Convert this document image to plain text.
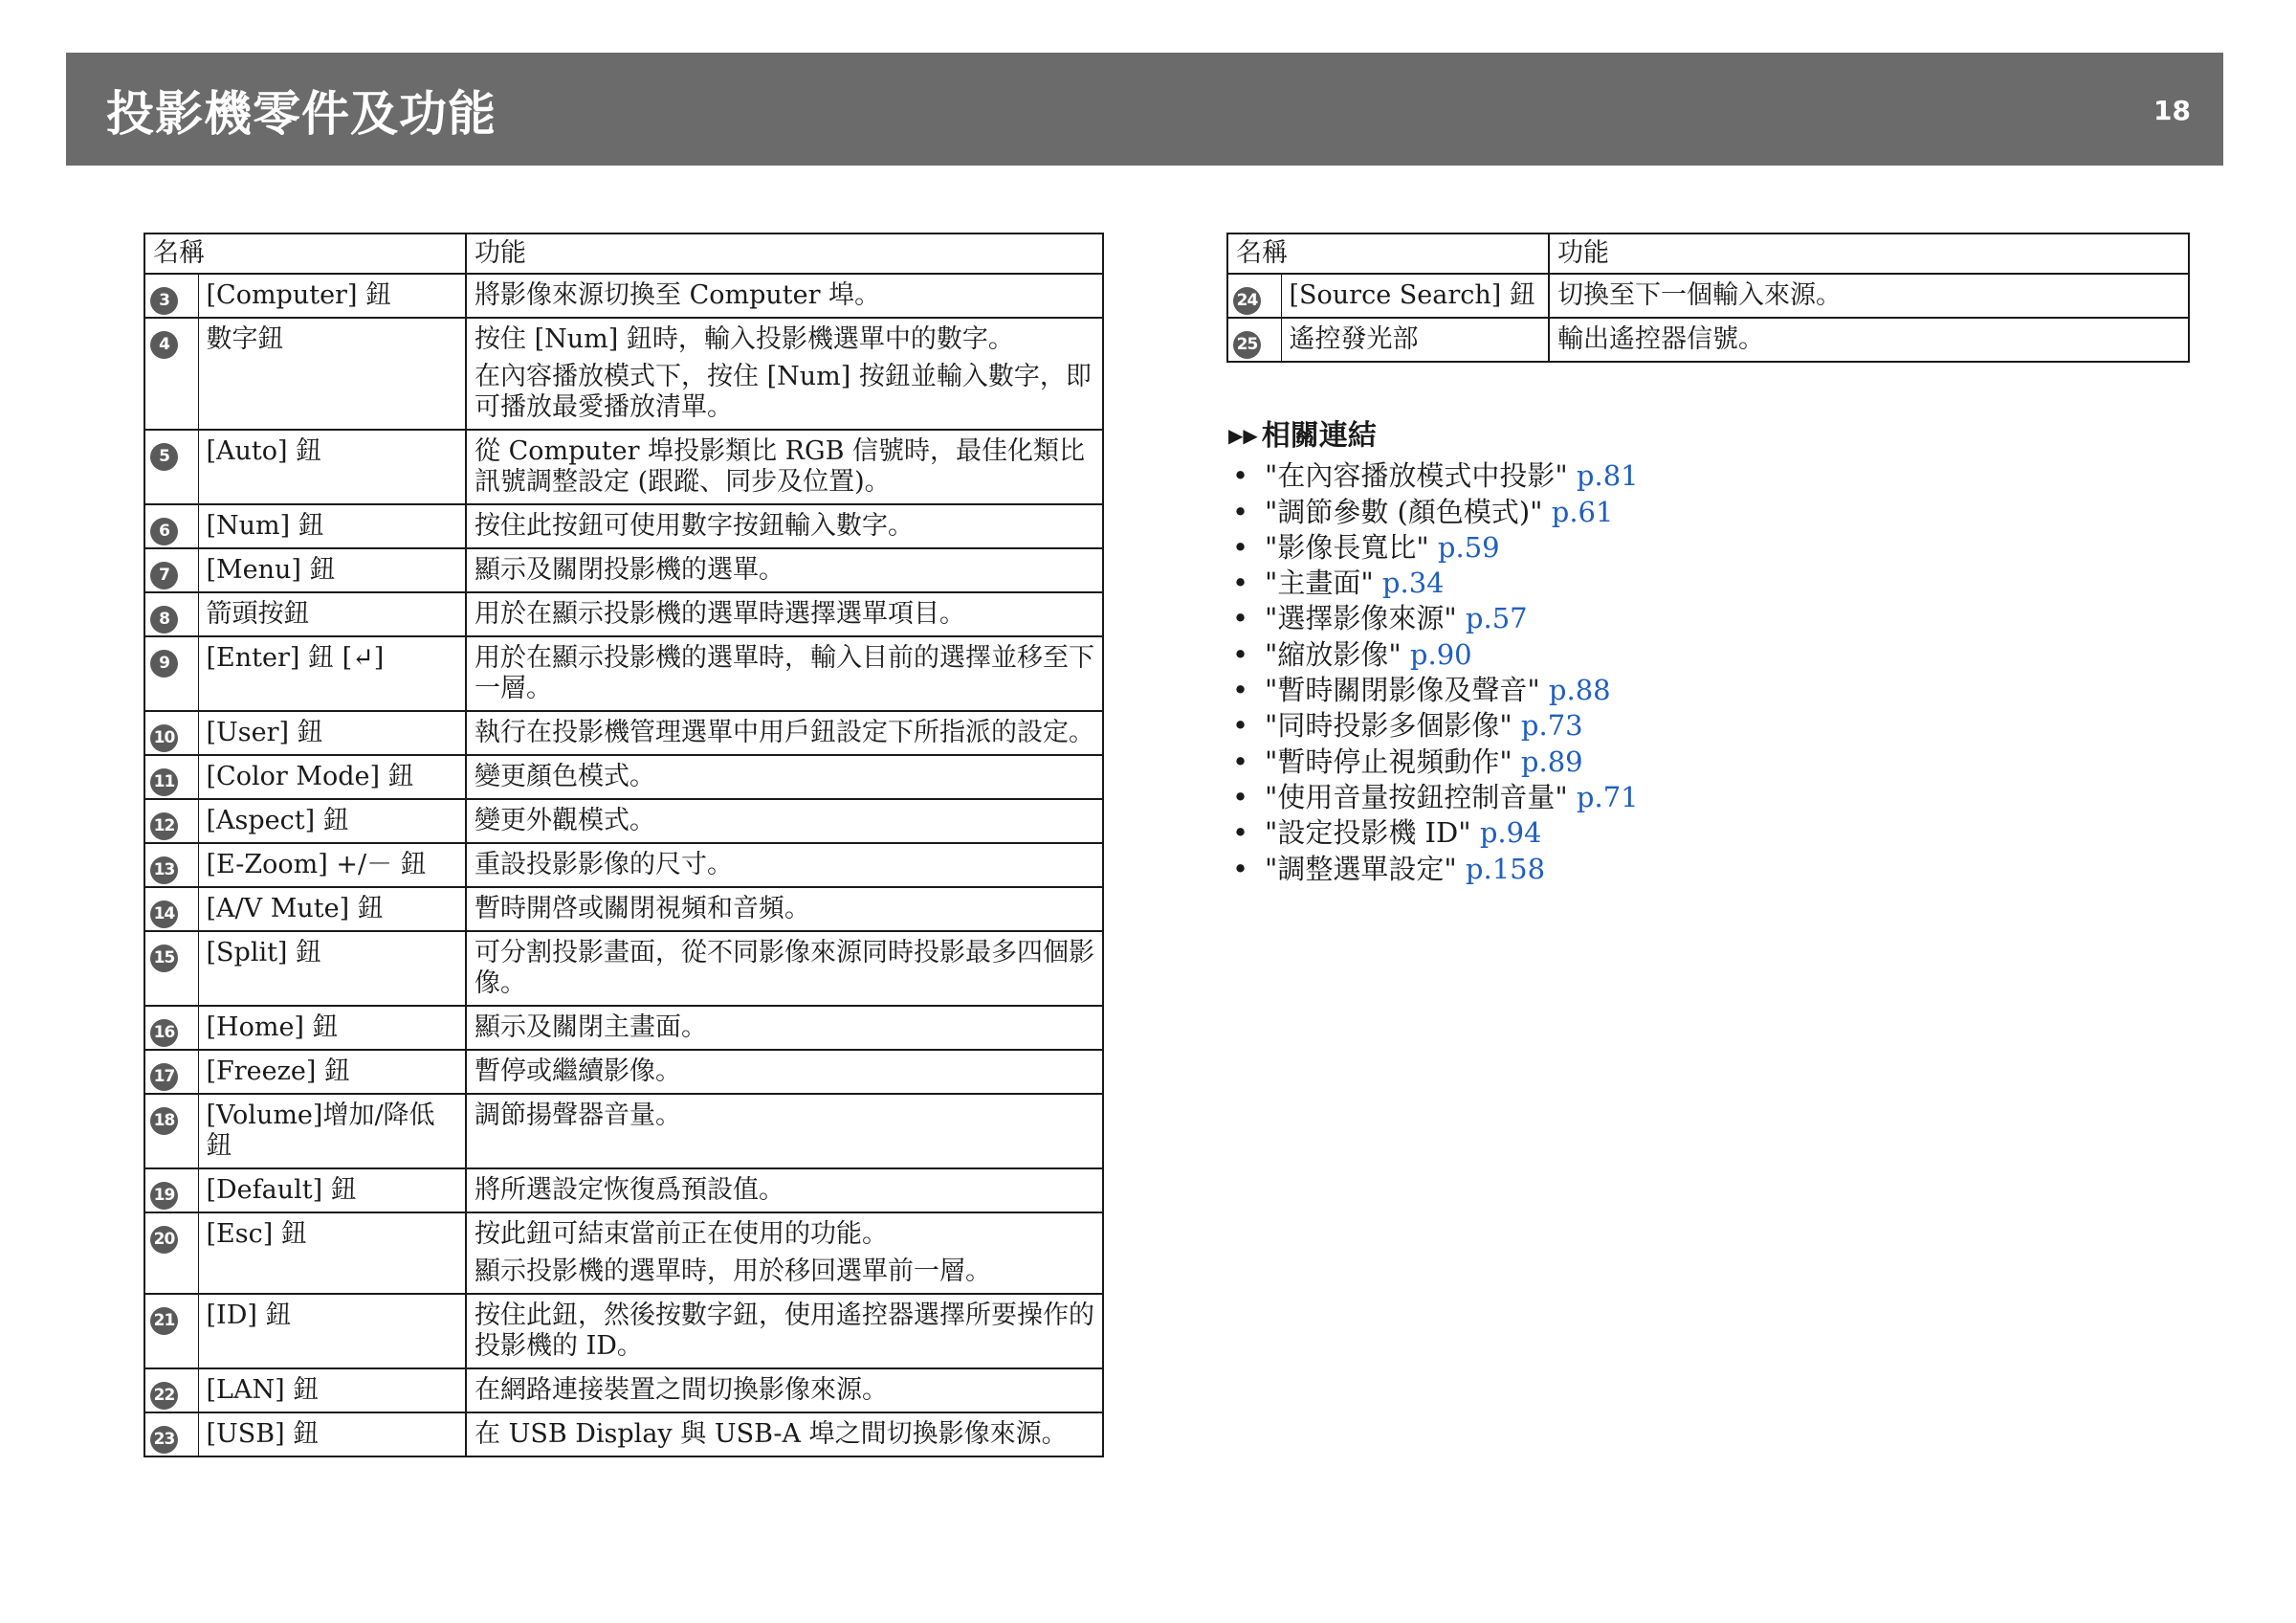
投影機零件及功能	18
名稱		功能
3	[Computer] 鈕	將影像來源切換至 Computer 埠。

4	數字鈕	按住 [Num] 鈕時，輸入投影機選單中的數字。

在內容播放模式下，按住 [Num] 按鈕並輸入數字，即可播放最愛播放清單。

5	[Auto] 鈕	從 Computer 埠投影類比 RGB 信號時，最佳化類比訊號調整設定 (跟蹤、同步及位置)。

6	[Num] 鈕	按住此按鈕可使用數字按鈕輸入數字。

7	[Menu] 鈕	顯示及關閉投影機的選單。

8	箭頭按鈕	用於在顯示投影機的選單時選擇選單項目。

9	[Enter] 鈕 [↵]	用於在顯示投影機的選單時，輸入目前的選擇並移至下一層。

10	[User] 鈕	執行在投影機管理選單中用戶鈕設定下所指派的設定。

11	[Color Mode] 鈕	變更顏色模式。

12	[Aspect] 鈕	變更外觀模式。

13	[E-Zoom] +/－ 鈕	重設投影影像的尺寸。

14	[A/V Mute] 鈕	暫時開啓或關閉視頻和音頻。

15	[Split] 鈕	可分割投影畫面，從不同影像來源同時投影最多四個影像。

16	[Home] 鈕	顯示及關閉主畫面。

17	[Freeze] 鈕	暫停或繼續影像。

18	[Volume]增加/降低鈕	調節揚聲器音量。

19	[Default] 鈕	將所選設定恢復爲預設值。

20	[Esc] 鈕	按此鈕可結束當前正在使用的功能。

顯示投影機的選單時，用於移回選單前一層。

21	[ID] 鈕	按住此鈕，然後按數字鈕，使用遙控器選擇所要操作的投影機的 ID。

22	[LAN] 鈕	在網路連接裝置之間切換影像來源。

23	[USB] 鈕	在 USB Display 與 USB-A 埠之間切換影像來源。

名稱		功能
24	[Source Search] 鈕	切換至下一個輸入來源。

25	遙控發光部	輸出遙控器信號。

▶▶ 相關連結
• "在內容播放模式中投影" p.81
• "調節參數 (顏色模式)" p.61
• "影像長寬比" p.59
• "主畫面" p.34
• "選擇影像來源" p.57
• "縮放影像" p.90
• "暫時關閉影像及聲音" p.88
• "同時投影多個影像" p.73
• "暫時停止視頻動作" p.89
• "使用音量按鈕控制音量" p.71
• "設定投影機 ID" p.94
• "調整選單設定" p.158
